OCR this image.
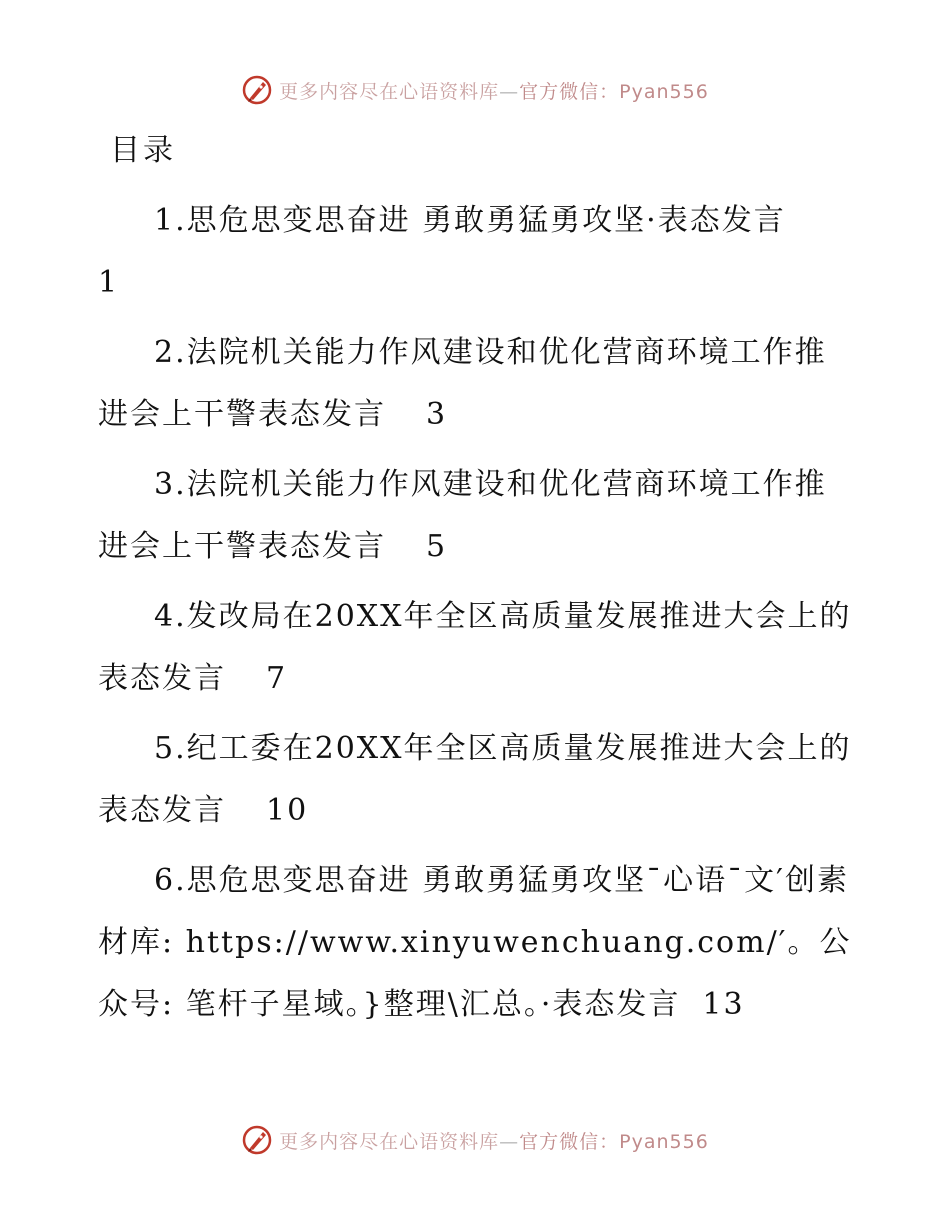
更多内容尽在心语资料库—官方微信：Pyan556
目录
1.思危思变思奋进 勇敢勇猛勇攻坚·表态发言
1
2.法院机关能力作风建设和优化营商环境工作推进会上干警表态发言 3
3.法院机关能力作风建设和优化营商环境工作推进会上干警表态发言 5
4.发改局在20XX年全区高质量发展推进大会上的表态发言 7
5.纪工委在20XX年全区高质量发展推进大会上的表态发言 10
6.思危思变思奋进 勇敢勇猛勇攻坚¯心语¯文′创素材库: https://www.xinyuwenchuang.com/′。公众号: 笔杆子星域。}整理\汇总。·表态发言 13
更多内容尽在心语资料库—官方微信：Pyan556
